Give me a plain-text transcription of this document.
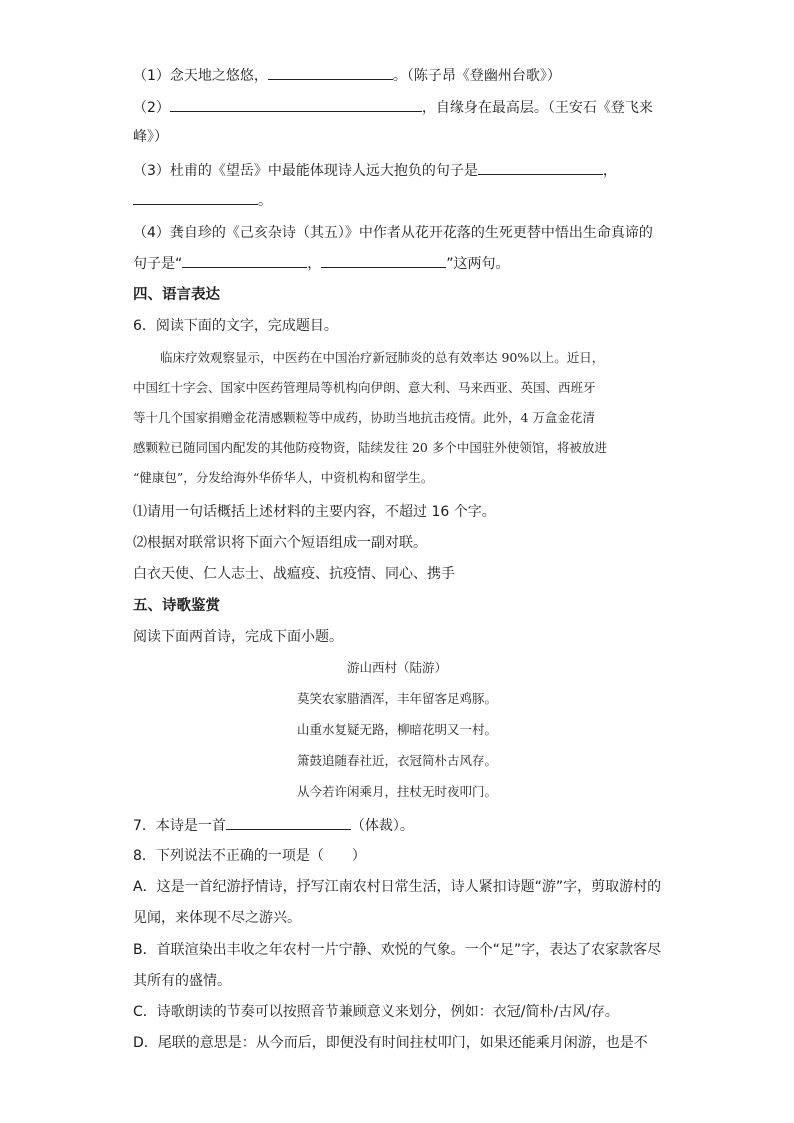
（1）念天地之悠悠，	。（陈子昂《登幽州台歌》）
（2）	，自缘身在最高层。（王安石《登飞来
峰》）
（3）杜甫的《望岳》中最能体现诗人远大抱负的句子是	，
。
（4）龚自珍的《己亥杂诗（其五）》中作者从花开花落的生死更替中悟出生命真谛的
句子是“	，	”这两句。
四、语言表达
6．阅读下面的文字，完成题目。
临床疗效观察显示，中医药在中国治疗新冠肺炎的总有效率达 90%以上。近日，
中国红十字会、国家中医药管理局等机构向伊朗、意大利、马来西亚、英国、西班牙
等十几个国家捐赠金花清感颗粒等中成药，协助当地抗击疫情。此外，4 万盒金花清
感颗粒已随同国内配发的其他防疫物资，陆续发往 20 多个中国驻外使领馆，将被放进
“健康包”，分发给海外华侨华人，中资机构和留学生。
⑴请用一句话概括上述材料的主要内容，不超过 16 个字。
⑵根据对联常识将下面六个短语组成一副对联。
白衣天使、仁人志士、战瘟疫、抗疫情、同心、携手
五、诗歌鉴赏
阅读下面两首诗，完成下面小题。
游山西村（陆游）
莫笑农家腊酒浑，丰年留客足鸡豚。
山重水复疑无路，柳暗花明又一村。
箫鼓追随春社近，衣冠简朴古风存。
从今若许闲乘月，拄杖无时夜叩门。
7．本诗是一首	（体裁）。
8．下列说法不正确的一项是（　　）
A．这是一首纪游抒情诗，抒写江南农村日常生活，诗人紧扣诗题“游”字，剪取游村的
见闻，来体现不尽之游兴。
B．首联渲染出丰收之年农村一片宁静、欢悦的气象。一个“足”字，表达了农家款客尽
其所有的盛情。
C．诗歌朗读的节奏可以按照音节兼顾意义来划分，例如：衣冠/简朴/古风/存。
D．尾联的意思是：从今而后，即便没有时间拄杖叩门，如果还能乘月闲游，也是不
